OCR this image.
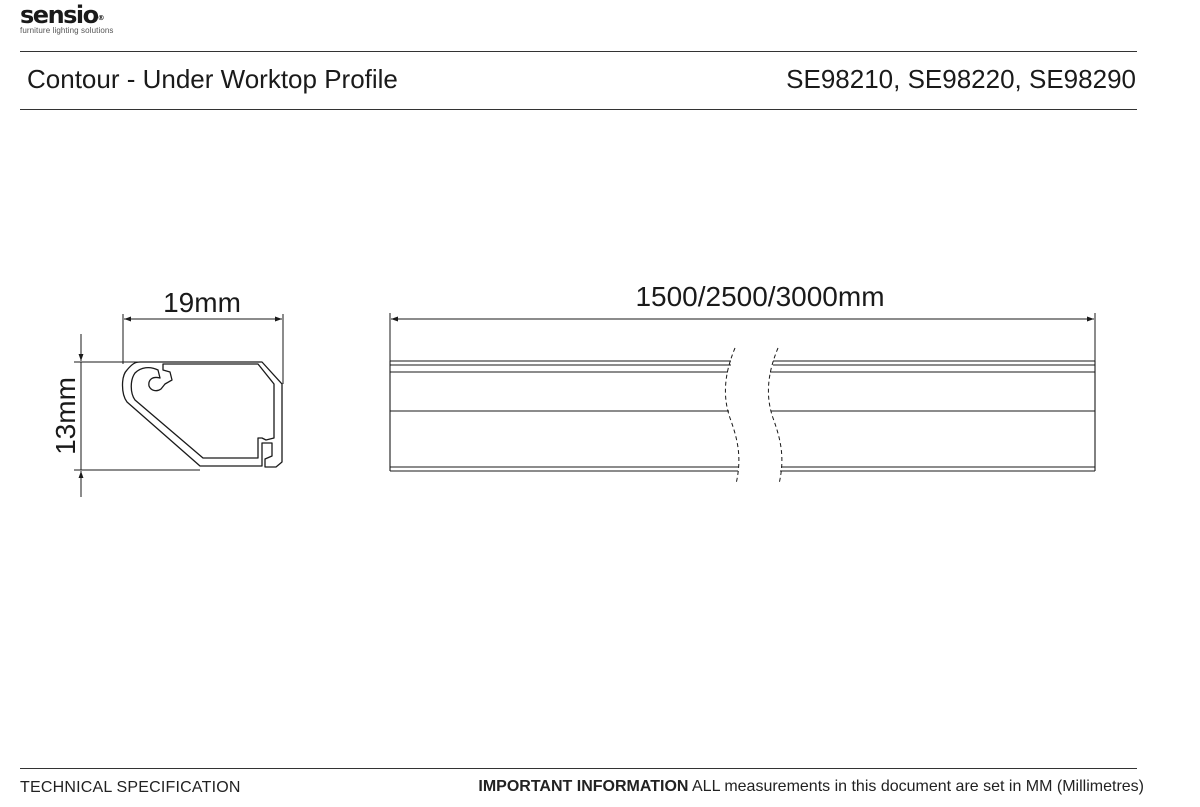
sensio®
furniture lighting solutions
Contour - Under Worktop Profile	SE98210, SE98220, SE98290
19mm
13mm
1500/2500/3000mm
TECHNICAL SPECIFICATION	IMPORTANT INFORMATION ALL measurements in this document are set in MM (Millimetres)
